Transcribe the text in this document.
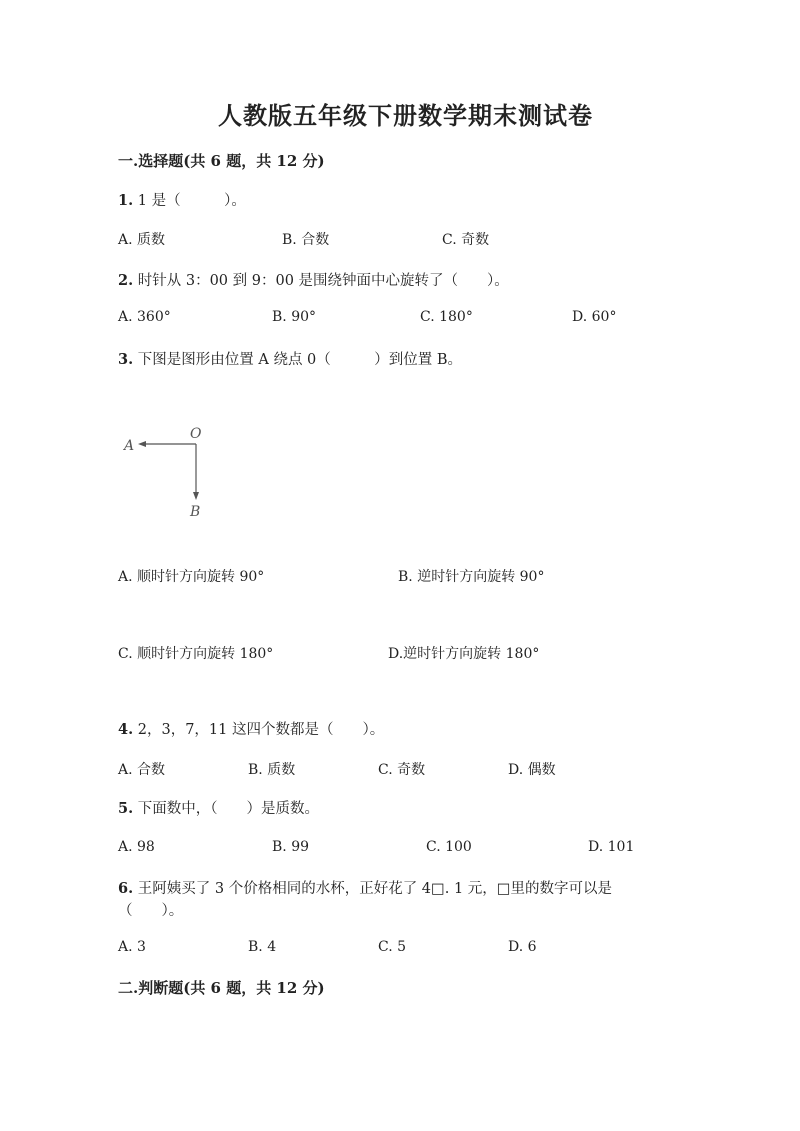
人教版五年级下册数学期末测试卷
一.选择题(共 6 题，共 12 分)
1. 1 是（　　　）。
A. 质数	B. 合数	C. 奇数
2. 时针从 3：00 到 9：00 是围绕钟面中心旋转了（　　）。
A. 360°	B. 90°	C. 180°	D. 60°
3. 下图是图形由位置 A 绕点 0（　　　）到位置 B。
A
O
B
A. 顺时针方向旋转 90°	B. 逆时针方向旋转 90°
C. 顺时针方向旋转 180°	D.逆时针方向旋转 180°
4. 2，3，7，11 这四个数都是（　　）。
A. 合数	B. 质数	C. 奇数	D. 偶数
5. 下面数中，（　　）是质数。
A. 98	B. 99	C. 100	D. 101
6. 王阿姨买了 3 个价格相同的水杯，正好花了 4□. 1 元，□里的数字可以是
（　　）。
A. 3	B. 4	C. 5	D. 6
二.判断题(共 6 题，共 12 分)
